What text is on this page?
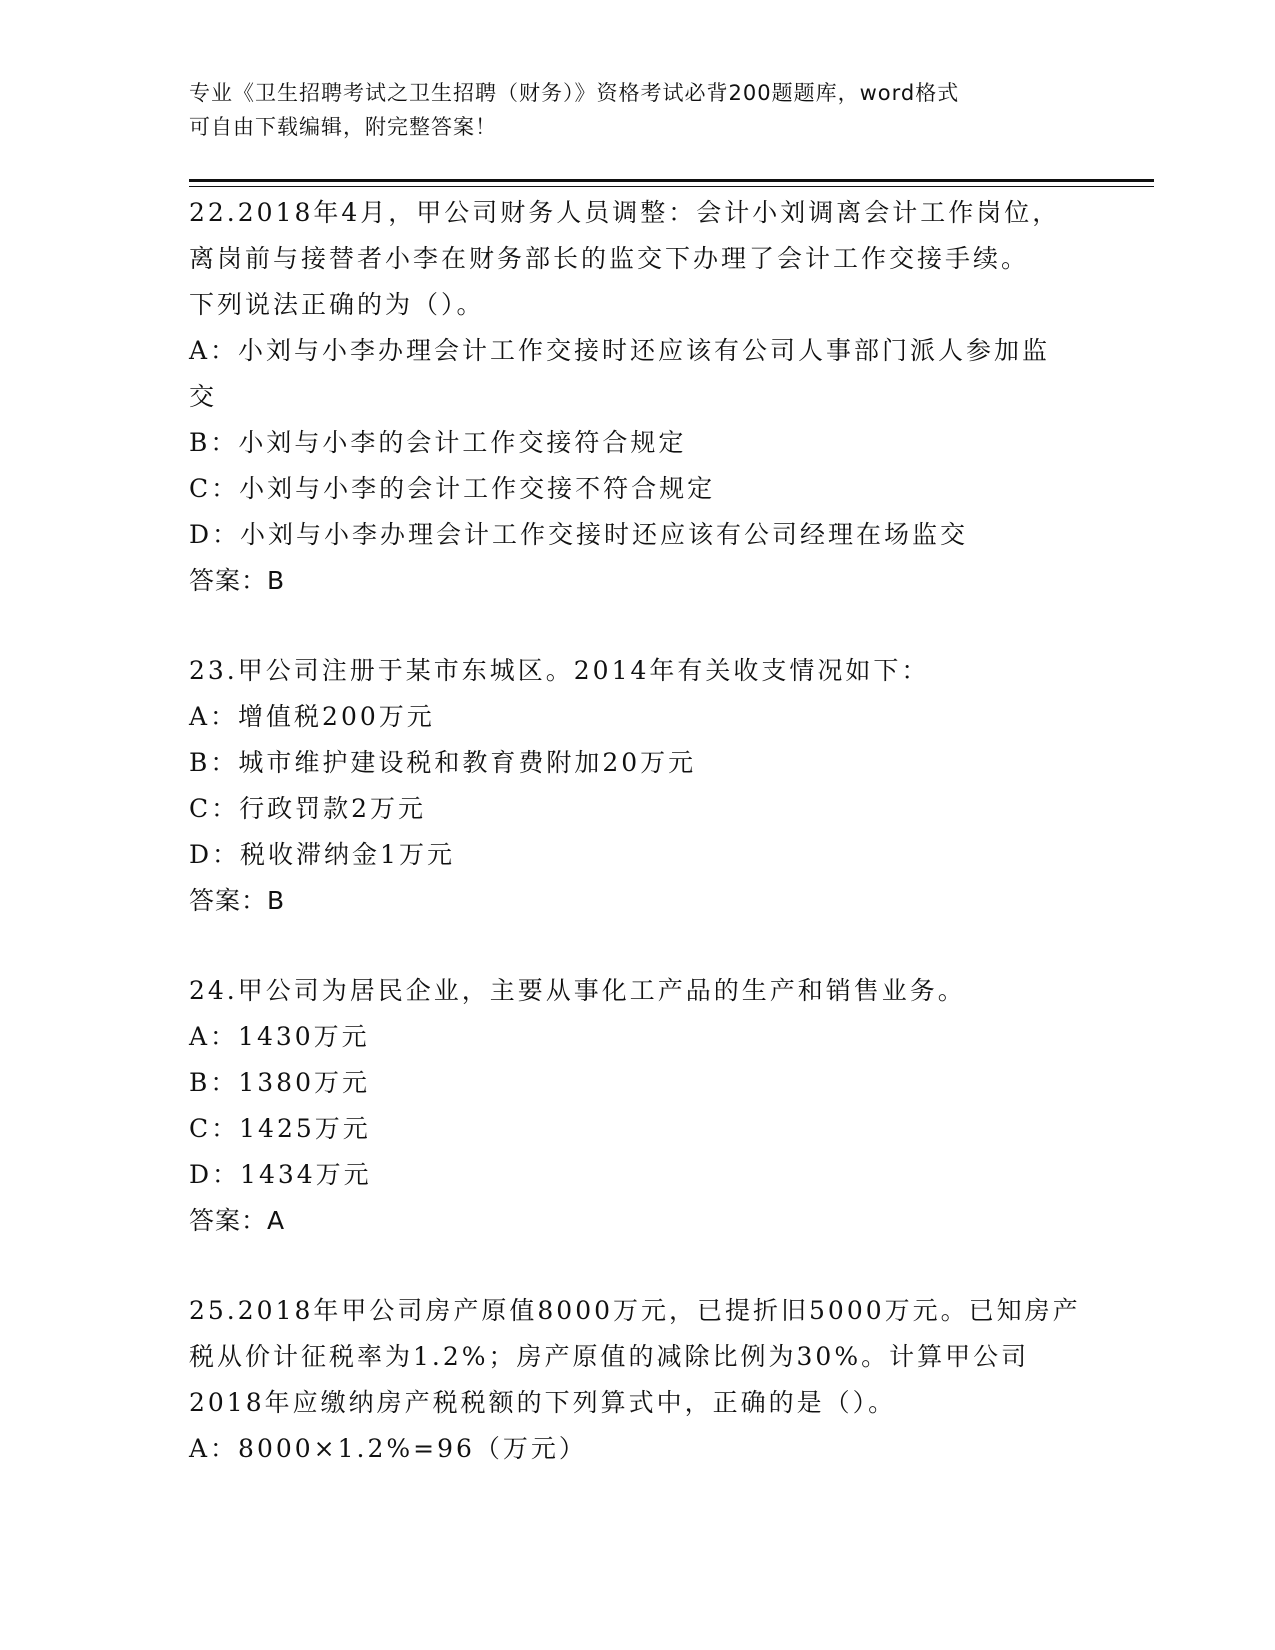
专业《卫生招聘考试之卫生招聘（财务）》资格考试必背200题题库，word格式
可自由下载编辑，附完整答案！
22.2018年4月，甲公司财务人员调整：会计小刘调离会计工作岗位，
离岗前与接替者小李在财务部长的监交下办理了会计工作交接手续。
下列说法正确的为（）。
A：小刘与小李办理会计工作交接时还应该有公司人事部门派人参加监
交
B：小刘与小李的会计工作交接符合规定
C：小刘与小李的会计工作交接不符合规定
D：小刘与小李办理会计工作交接时还应该有公司经理在场监交
答案：B
23.甲公司注册于某市东城区。2014年有关收支情况如下：
A：增值税200万元
B：城市维护建设税和教育费附加20万元
C：行政罚款2万元
D：税收滞纳金1万元
答案：B
24.甲公司为居民企业，主要从事化工产品的生产和销售业务。
A：1430万元
B：1380万元
C：1425万元
D：1434万元
答案：A
25.2018年甲公司房产原值8000万元，已提折旧5000万元。已知房产
税从价计征税率为1.2%；房产原值的减除比例为30%。计算甲公司
2018年应缴纳房产税税额的下列算式中，正确的是（）。
A：8000×1.2%=96（万元）
